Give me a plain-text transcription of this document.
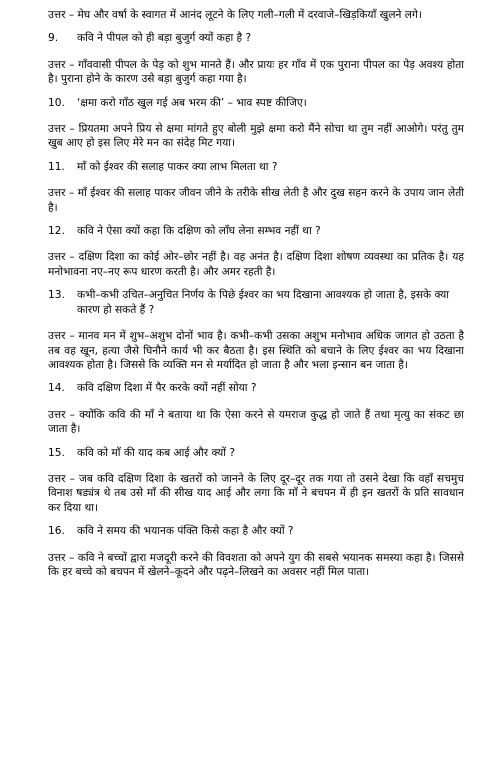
उत्तर – मेघ और वर्षा के स्वागत में आनंद लूटने के लिए गली–गली में दरवाजे–खिड़कियाँ खुलने लगे।
9. कवि ने पीपल को ही बड़ा बुजुर्ग क्यों कहा है ?
उत्तर – गाँववासी पीपल के पेड़ को शुभ मानते हैं। और प्रायः हर गाँव में एक पुराना पीपल का पेड़ अवश्य होता है। पुराना होने के कारण उसे बड़ा बुजुर्ग कहा गया है।
10. ‘क्षमा करो गाँठ खुल गई अब भरम की’ – भाव स्पष्ट कीजिए।
उत्तर – प्रियतमा अपने प्रिय से क्षमा मांगते हुए बोली मुझे क्षमा करो मैंने सोचा था तुम नहीं आओगे। परंतु तुम खुब आए हो इस लिए मेरे मन का संदेह मिट गया।
11. माँ को ईश्वर की सलाह पाकर क्या लाभ मिलता था ?
उत्तर – माँ ईश्वर की सलाह पाकर जीवन जीने के तरीके सीख लेती है और दुख सहन करने के उपाय जान लेती है।
12. कवि ने ऐसा क्यों कहा कि दक्षिण को लाँघ लेना सम्भव नहीं था ?
उत्तर – दक्षिण दिशा का कोई ओर–छोर नहीं है। वह अनंत है। दक्षिण दिशा शोषण व्यवस्था का प्रतिक है। यह मनोभावना नए–नए रूप धारण करती है। और अमर रहती है।
13. कभी–कभी उचित–अनुचित निर्णय के पिछे ईश्वर का भय दिखाना आवश्यक हो जाता है, इसके क्या कारण हो सकते हैं ?
उत्तर – मानव मन में शुभ–अशुभ दोनों भाव है। कभी–कभी उसका अशुभ मनोभाव अधिक जागत हो उठता है तब वह खून, हत्या जैसे घिनौने कार्य भी कर बैठता है। इस स्थिति को बचाने के लिए ईश्वर का भय दिखाना आवश्यक होता है। जिससे कि व्यक्ति मन से मर्यादित हो जाता है और भला इन्सान बन जाता है।
14. कवि दक्षिण दिशा में पैर करके क्यों नहीं सोया ?
उत्तर – क्योंकि कवि की माँ ने बताया था कि ऐसा करने से यमराज कुद्ध हो जाते हैं तथा मृत्यु का संकट छा जाता है।
15. कवि को माँ की याद कब आई और क्यों ?
उत्तर – जब कवि दक्षिण दिशा के खतरों को जानने के लिए दूर–दूर तक गया तो उसने देखा कि वहाँ सचमुच विनाश षड्यंत्र थे तब उसे माँ की सीख याद आई और लगा कि माँ ने बचपन में ही इन खतरों के प्रति सावधान कर दिया था।
16. कवि ने समय की भयानक पंक्ति किसे कहा है और क्यों ?
उत्तर – कवि ने बच्चों द्वारा मजदूरी करने की विवशता को अपने युग की सबसे भयानक समस्या कहा है। जिससे कि हर बच्चे को बचपन में खेलने–कूदने और पढ़ने–लिखने का अवसर नहीं मिल पाता।
